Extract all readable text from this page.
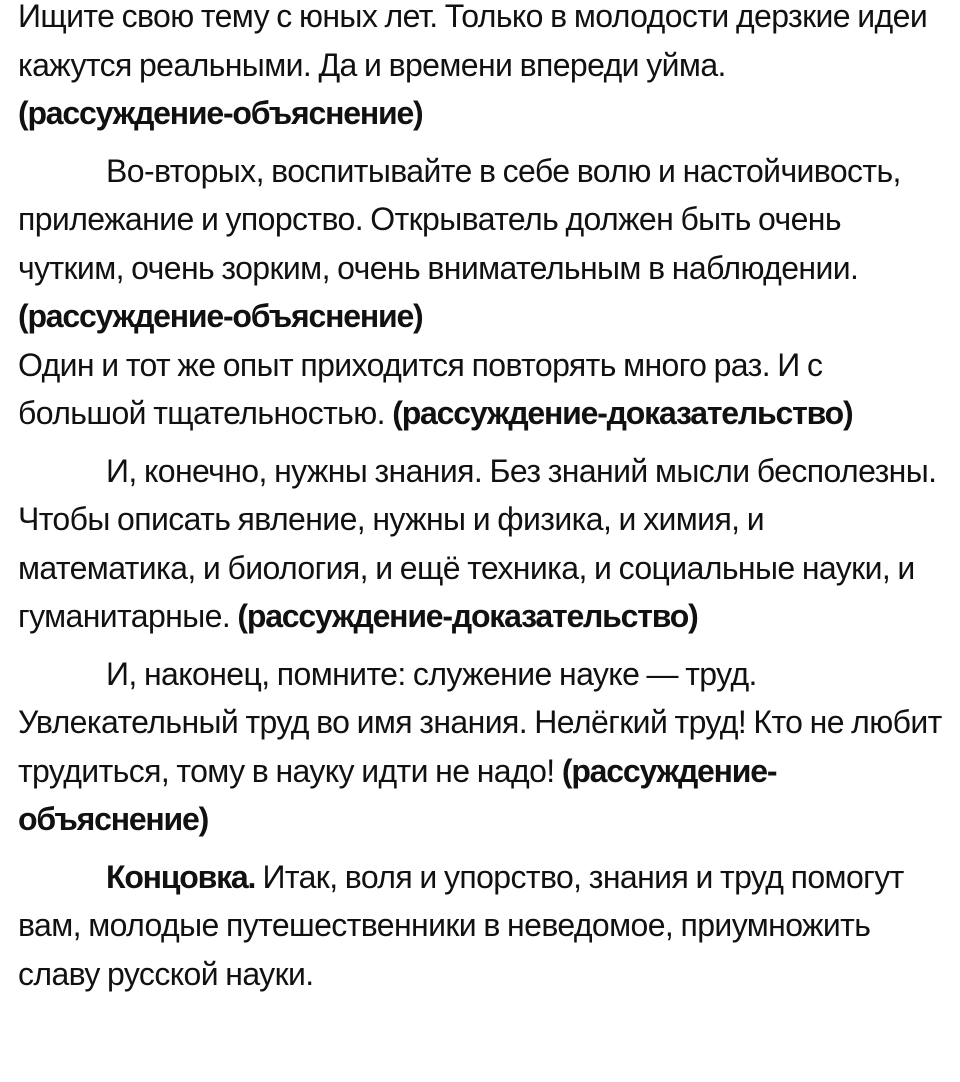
Ищите свою тему с юных лет. Только в молодости дерзкие идеи кажутся реальными. Да и времени впереди уйма.
(рассуждение-объяснение)

Во-вторых, воспитывайте в себе волю и настойчивость, прилежание и упорство. Открыватель должен быть очень чутким, очень зорким, очень внимательным в наблюдении. (рассуждение-объяснение)
Один и тот же опыт приходится повторять много раз. И с большой тщательностью. (рассуждение-доказательство)

И, конечно, нужны знания. Без знаний мысли бесполезны. Чтобы описать явление, нужны и физика, и химия, и математика, и биология, и ещё техника, и социальные науки, и гуманитарные. (рассуждение-доказательство)

И, наконец, помните: служение науке — труд. Увлекательный труд во имя знания. Нелёгкий труд! Кто не любит трудиться, тому в науку идти не надо! (рассуждение-объяснение)

Концовка. Итак, воля и упорство, знания и труд помогут вам, молодые путешественники в неведомое, приумножить славу русской науки.
